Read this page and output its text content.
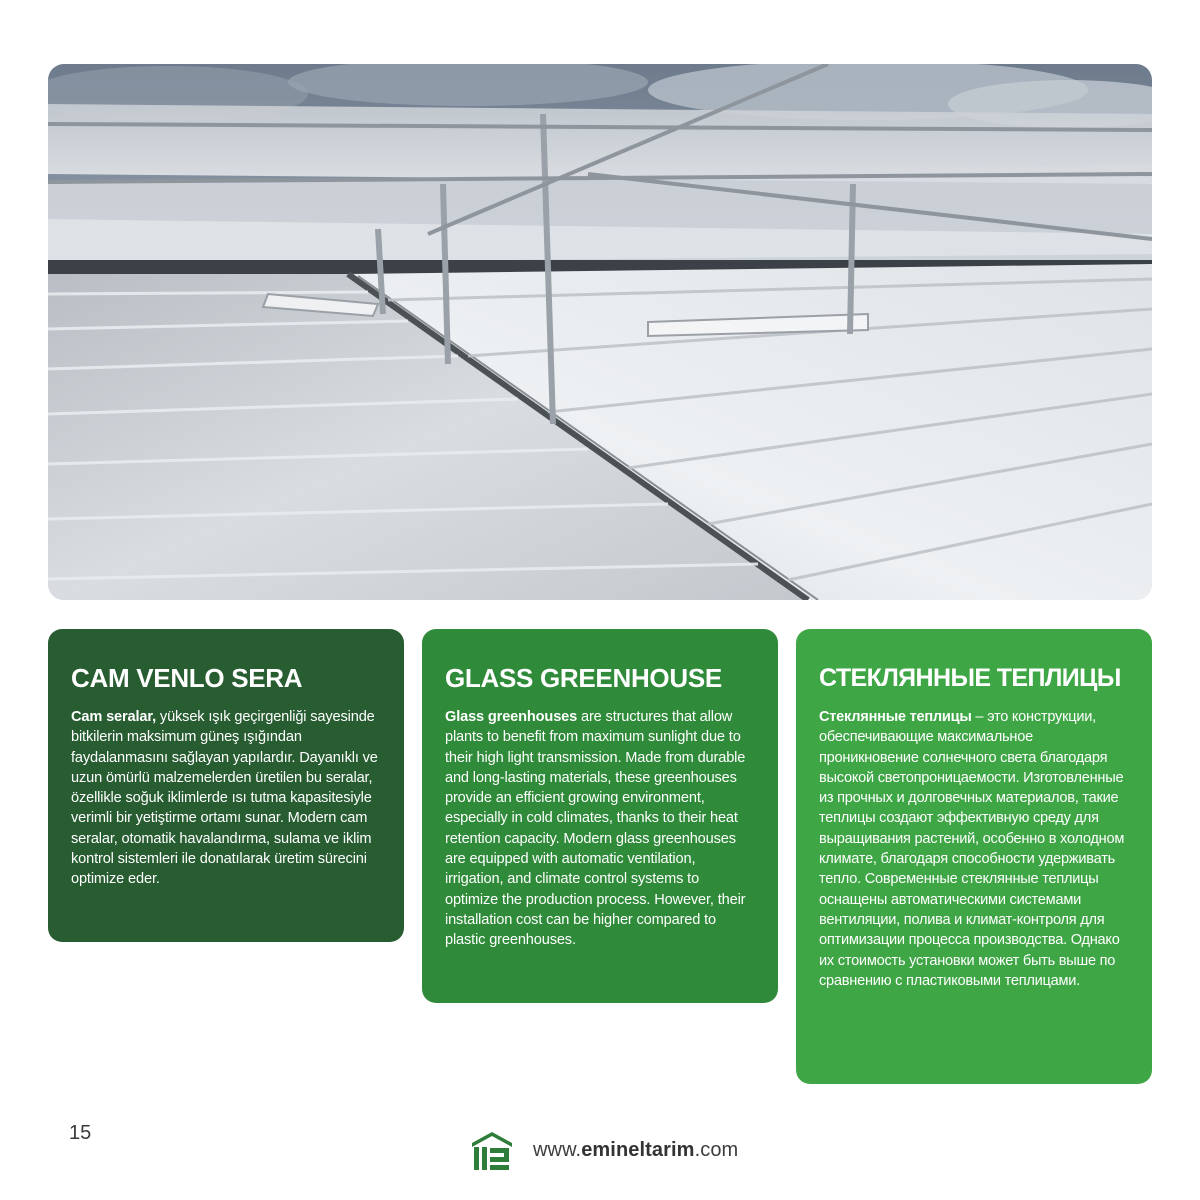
CAM VENLO SERA

Cam seralar, yüksek ışık geçirgenliği sayesinde bitkilerin maksimum güneş ışığından faydalanmasını sağlayan yapılardır. Dayanıklı ve uzun ömürlü malzemelerden üretilen bu seralar, özellikle soğuk iklimlerde ısı tutma kapasitesiyle verimli bir yetiştirme ortamı sunar. Modern cam seralar, otomatik havalandırma, sulama ve iklim kontrol sistemleri ile donatılarak üretim sürecini optimize eder.

GLASS GREENHOUSE

Glass greenhouses are structures that allow plants to benefit from maximum sunlight due to their high light transmission. Made from durable and long-lasting materials, these greenhouses provide an efficient growing environment, especially in cold climates, thanks to their heat retention capacity. Modern glass greenhouses are equipped with automatic ventilation, irrigation, and climate control systems to optimize the production process. However, their installation cost can be higher compared to plastic greenhouses.

СТЕКЛЯННЫЕ ТЕПЛИЦЫ

Стеклянные теплицы – это конструкции, обеспечивающие максимальное проникновение солнечного света благодаря высокой светопроницаемости. Изготовленные из прочных и долговечных материалов, такие теплицы создают эффективную среду для выращивания растений, особенно в холодном климате, благодаря способности удерживать тепло. Современные стеклянные теплицы оснащены автоматическими системами вентиляции, полива и климат-контроля для оптимизации процесса производства. Однако их стоимость установки может быть выше по сравнению с пластиковыми теплицами.

15
www.emineltarim.com
